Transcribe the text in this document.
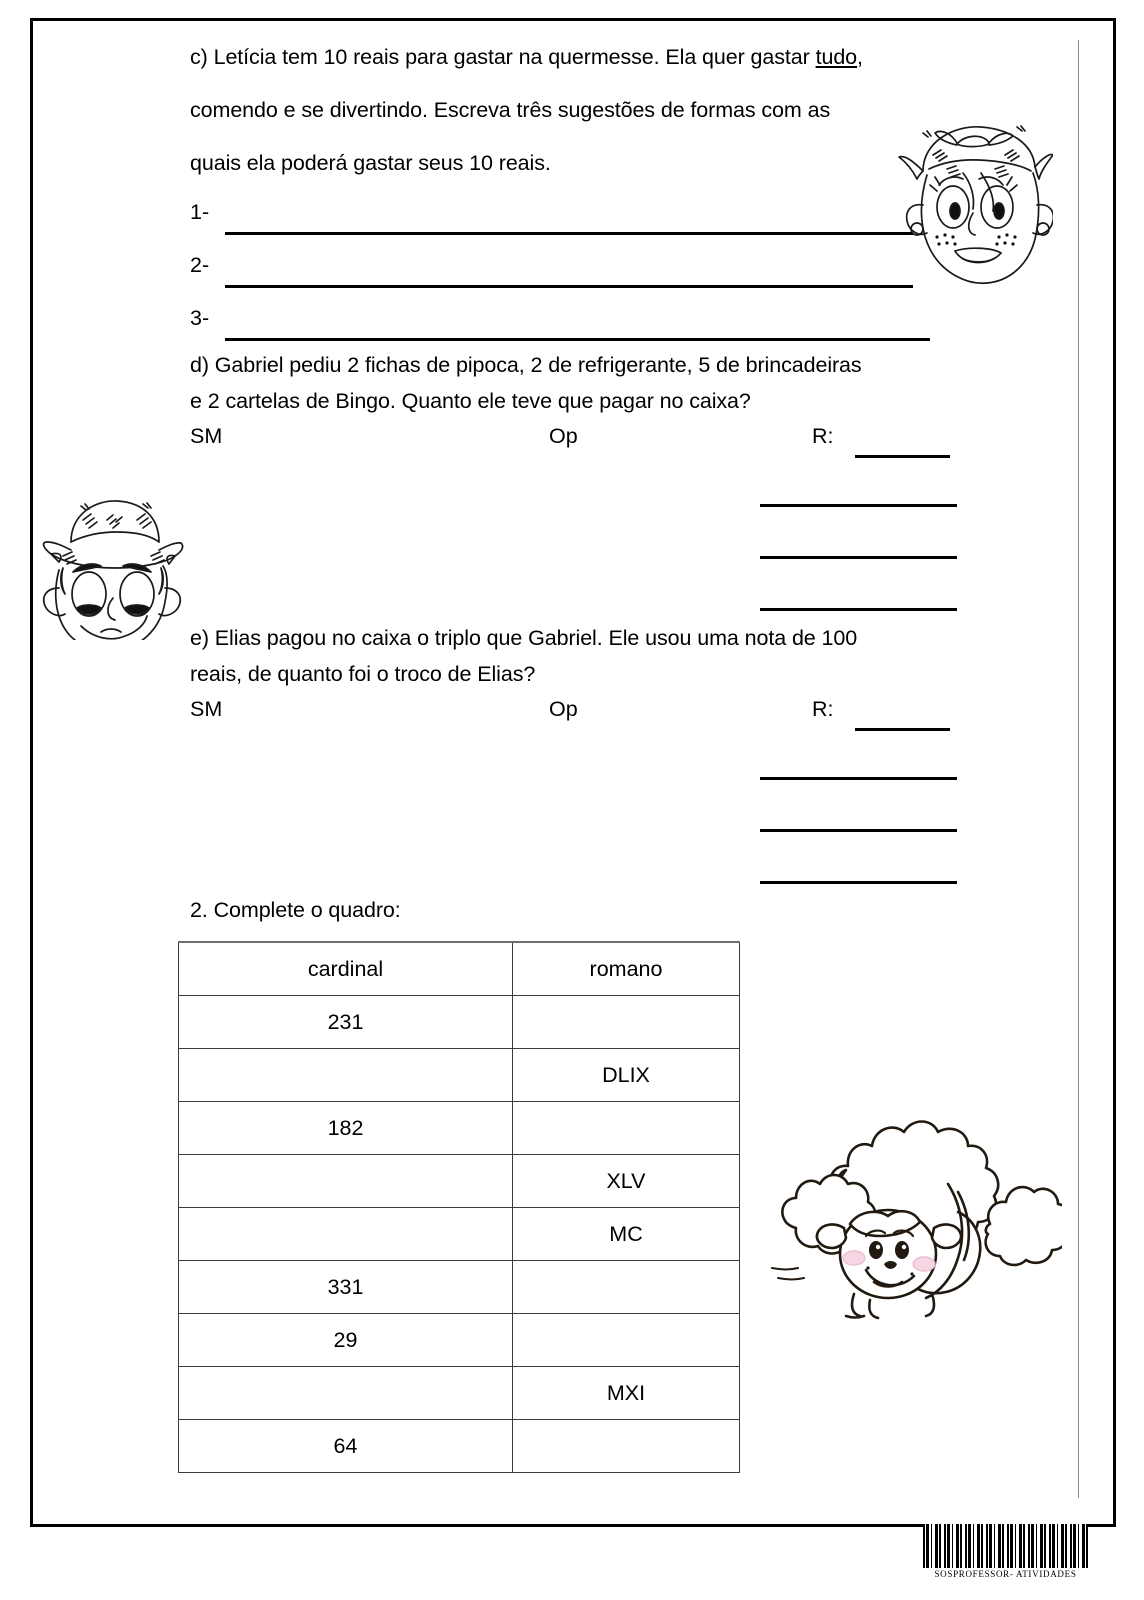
c) Letícia tem 10 reais para gastar na quermesse. Ela quer gastar tudo,
comendo e se divertindo. Escreva três sugestões de formas com as
quais ela poderá gastar seus 10 reais.
1-
2-
3-
d) Gabriel pediu 2 fichas de pipoca, 2 de refrigerante, 5 de brincadeiras
e 2 cartelas de Bingo. Quanto ele teve que pagar no caixa?
SM	Op	R:
e) Elias pagou no caixa o triplo que Gabriel. Ele usou uma nota de 100
reais, de quanto foi o troco de Elias?
SM	Op	R:
2. Complete o quadro:
cardinal	romano
231	
	DLIX
182	
	XLV
	MC
331	
29	
	MXI
64	
SOSPROFESSOR- ATIVIDADES
